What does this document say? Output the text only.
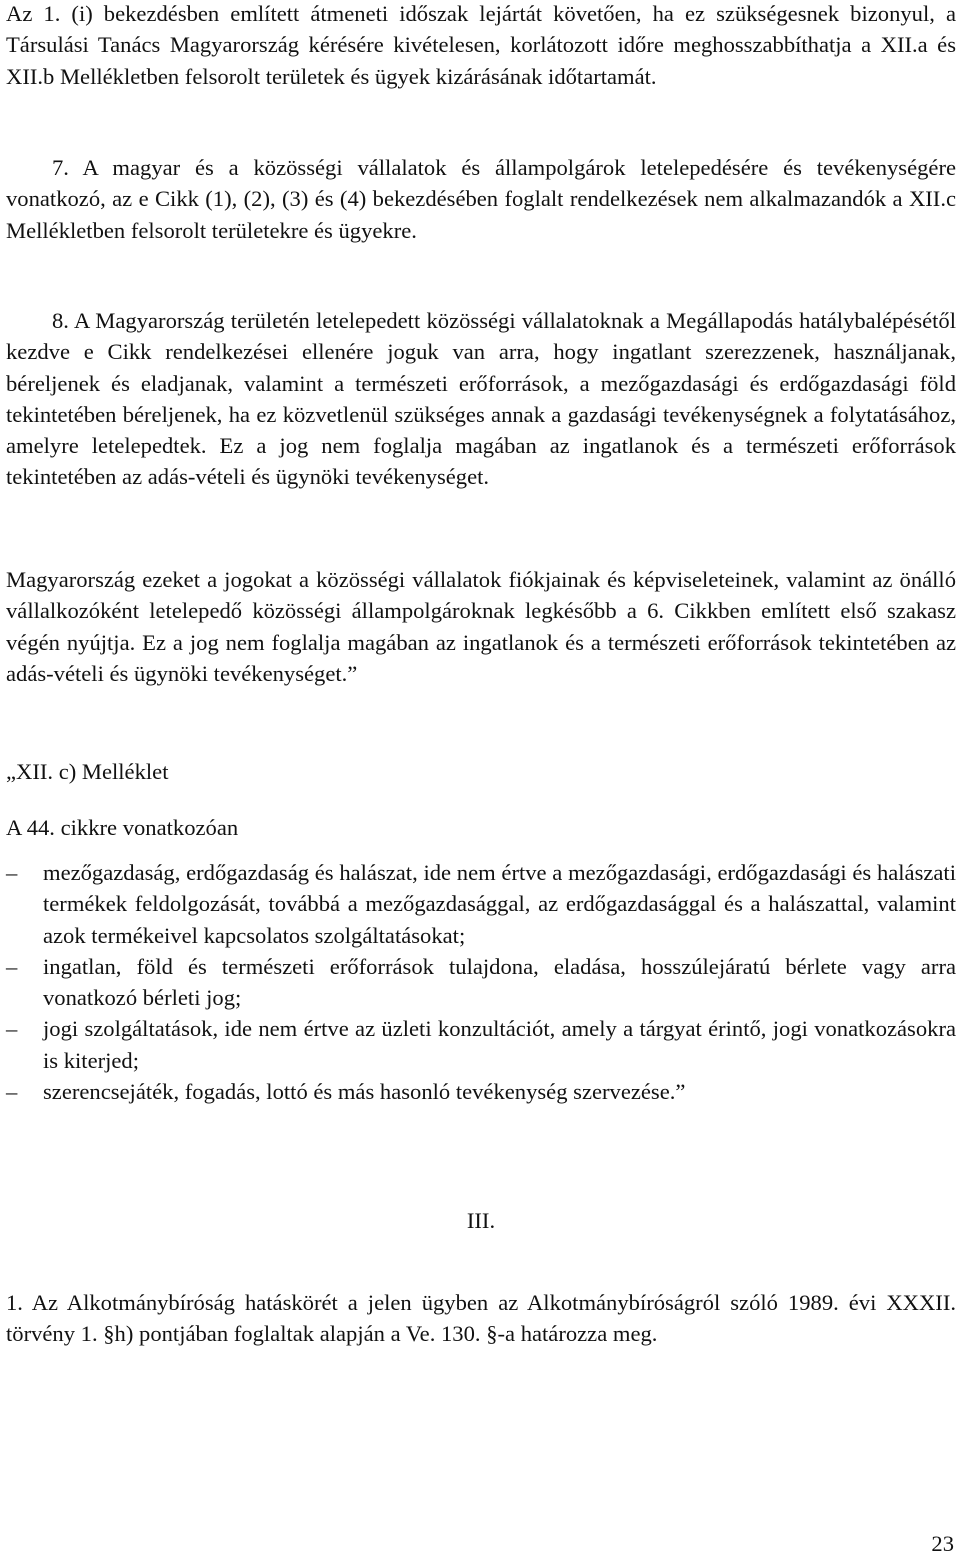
Az 1. (i) bekezdésben említett átmeneti időszak lejártát követően, ha ez szükségesnek bizonyul, a Társulási Tanács Magyarország kérésére kivételesen, korlátozott időre meghosszabbíthatja a XII.a és XII.b Mellékletben felsorolt területek és ügyek kizárásának időtartamát.

7. A magyar és a közösségi vállalatok és állampolgárok letelepedésére és tevékenységére vonatkozó, az e Cikk (1), (2), (3) és (4) bekezdésében foglalt rendelkezések nem alkalmazandók a XII.c Mellékletben felsorolt területekre és ügyekre.

8. A Magyarország területén letelepedett közösségi vállalatoknak a Megállapodás hatálybalépésétől kezdve e Cikk rendelkezései ellenére joguk van arra, hogy ingatlant szerezzenek, használjanak, béreljenek és eladjanak, valamint a természeti erőforrások, a mezőgazdasági és erdőgazdasági föld tekintetében béreljenek, ha ez közvetlenül szükséges annak a gazdasági tevékenységnek a folytatásához, amelyre letelepedtek. Ez a jog nem foglalja magában az ingatlanok és a természeti erőforrások tekintetében az adás-vételi és ügynöki tevékenységet.

Magyarország ezeket a jogokat a közösségi vállalatok fiókjainak és képviseleteinek, valamint az önálló vállalkozóként letelepedő közösségi állampolgároknak legkésőbb a 6. Cikkben említett első szakasz végén nyújtja. Ez a jog nem foglalja magában az ingatlanok és a természeti erőforrások tekintetében az adás-vételi és ügynöki tevékenységet.”

„XII. c) Melléklet

A 44. cikkre vonatkozóan

– mezőgazdaság, erdőgazdaság és halászat, ide nem értve a mezőgazdasági, erdőgazdasági és halászati termékek feldolgozását, továbbá a mezőgazdasággal, az erdőgazdasággal és a halászattal, valamint azok termékeivel kapcsolatos szolgáltatásokat;
– ingatlan, föld és természeti erőforrások tulajdona, eladása, hosszúlejáratú bérlete vagy arra vonatkozó bérleti jog;
– jogi szolgáltatások, ide nem értve az üzleti konzultációt, amely a tárgyat érintő, jogi vonatkozásokra is kiterjed;
– szerencsejáték, fogadás, lottó és más hasonló tevékenység szervezése.”

III.

1. Az Alkotmánybíróság hatáskörét a jelen ügyben az Alkotmánybíróságról szóló 1989. évi XXXII. törvény 1. §h) pontjában foglaltak alapján a Ve. 130. §-a határozza meg.

23
